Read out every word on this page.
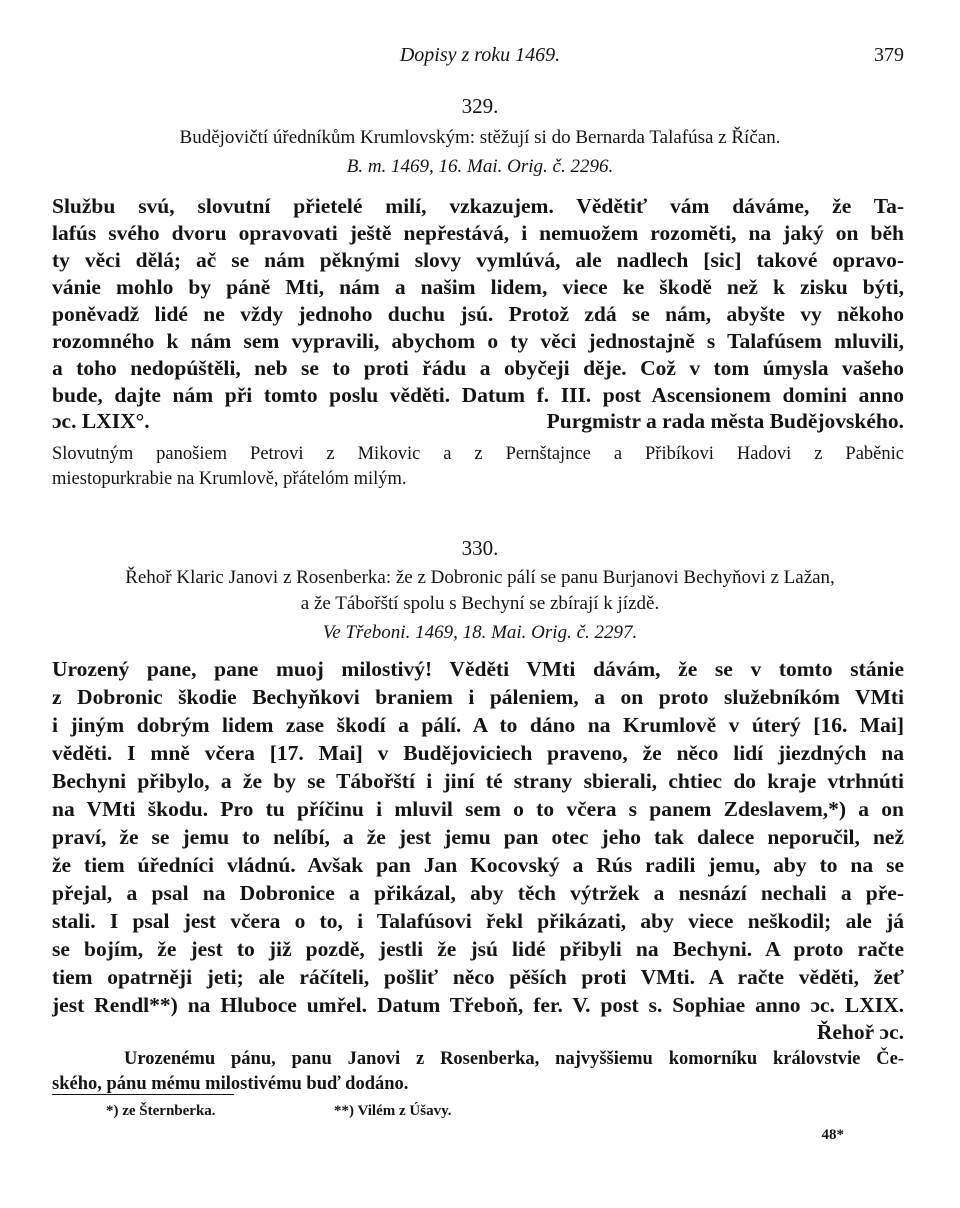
Dopisy z roku 1469.	379
329.
Budějovičtí úředníkům Krumlovským: stěžují si do Bernarda Talafúsa z Říčan.
B. m. 1469, 16. Mai. Orig. č. 2296.
Službu svú, slovutní přietelé milí, vzkazujem. Vědětiť vám dáváme, že Ta-
lafús svého dvoru opravovati ještě nepřestává, i nemuožem rozoměti, na jaký on běh
ty věci dělá; ač se nám pěknými slovy vymlúvá, ale nadlech [sic] takové opravo-
vánie mohlo by páně Mti, nám a našim lidem, viece ke škodě než k zisku býti,
poněvadž lidé ne vždy jednoho duchu jsú. Protož zdá se nám, abyšte vy někoho
rozomného k nám sem vypravili, abychom o ty věci jednostajně s Talafúsem mluvili,
a toho nedopúštěli, neb se to proti řádu a obyčeji děje. Což v tom úmysla vašeho
bude, dajte nám při tomto poslu věděti. Datum f. III. post Ascensionem domini anno
ɔc. LXIX°.	Purgmistr a rada města Budějovského.
Slovutným panošiem Petrovi z Mikovic a z Pernštajnce a Přibíkovi Hadovi z Paběnic
miestopurkrabie na Krumlově, přátelóm milým.
330.
Řehoř Klaric Janovi z Rosenberka: že z Dobronic pálí se panu Burjanovi Bechyňovi z Lažan,
a že Tábořští spolu s Bechyní se zbírají k jízdě.
Ve Třeboni. 1469, 18. Mai. Orig. č. 2297.
Urozený pane, pane muoj milostivý! Věděti VMti dávám, že se v tomto stánie
z Dobronic škodie Bechyňkovi braniem i páleniem, a on proto služebníkóm VMti
i jiným dobrým lidem zase škodí a pálí. A to dáno na Krumlově v úterý [16. Mai]
věděti. I mně včera [17. Mai] v Budějoviciech praveno, že něco lidí jiezdných na
Bechyni přibylo, a že by se Tábořští i jiní té strany sbierali, chtiec do kraje vtrhnúti
na VMti škodu. Pro tu příčinu i mluvil sem o to včera s panem Zdeslavem,*) a on
praví, že se jemu to nelíbí, a že jest jemu pan otec jeho tak dalece neporučil, než
že tiem úředníci vládnú. Avšak pan Jan Kocovský a Rús radili jemu, aby to na se
přejal, a psal na Dobronice a přikázal, aby těch výtržek a nesnází nechali a pře-
stali. I psal jest včera o to, i Talafúsovi řekl přikázati, aby viece neškodil; ale já
se bojím, že jest to již pozdě, jestli že jsú lidé přibyli na Bechyni. A proto račte
tiem opatrněji jeti; ale ráčíteli, pošliť něco pěších proti VMti. A račte věděti, žeť
jest Rendl**) na Hluboce umřel. Datum Třeboň, fer. V. post s. Sophiae anno ɔc. LXIX.
Řehoř ɔc.
Urozenému pánu, panu Janovi z Rosenberka, najvyššiemu komorníku královstvie Če-
ského, pánu mému milostivému buď dodáno.
*) ze Šternberka.	**) Vilém z Úšavy.
48*
